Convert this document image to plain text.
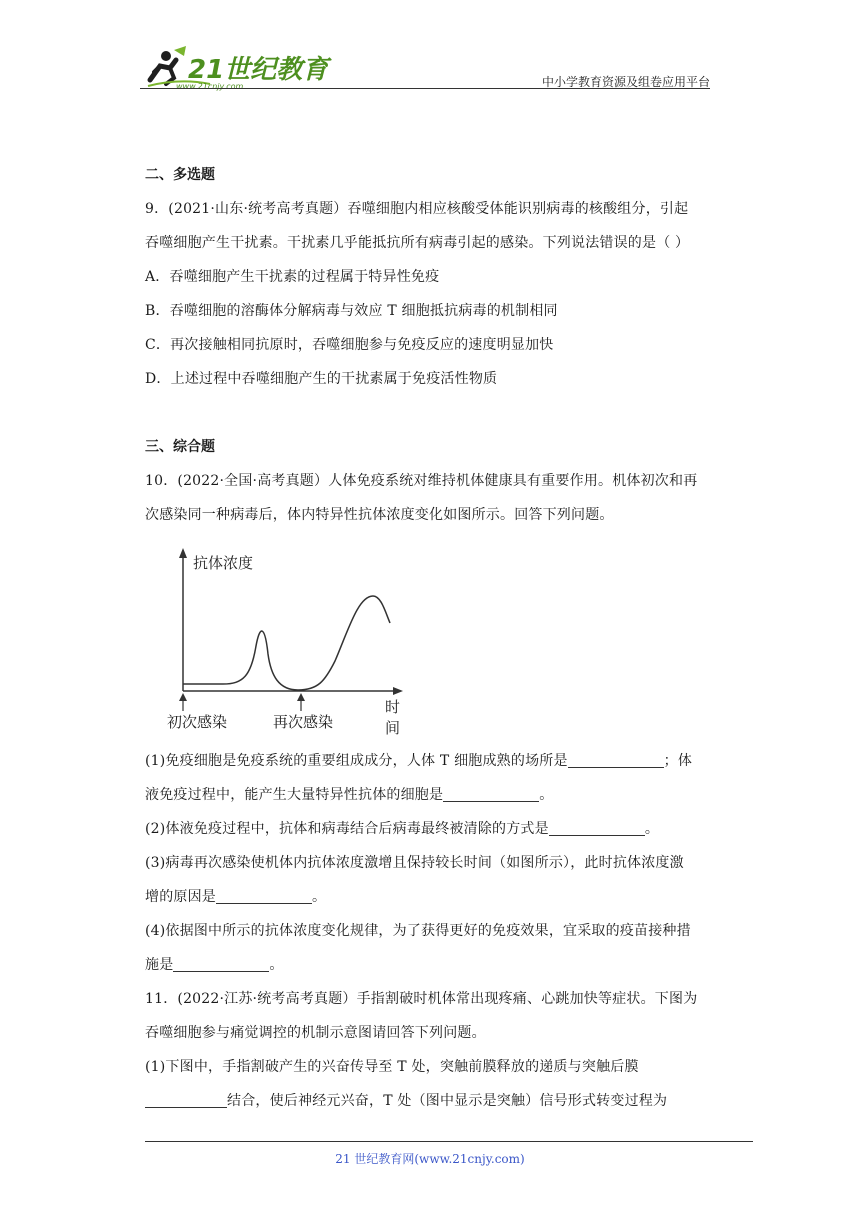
21世纪教育
www.21cnjy.com	中小学教育资源及组卷应用平台
二、多选题
9．(2021·山东·统考高考真题）吞噬细胞内相应核酸受体能识别病毒的核酸组分，引起
吞噬细胞产生干扰素。干扰素几乎能抵抗所有病毒引起的感染。下列说法错误的是（ ）
A．吞噬细胞产生干扰素的过程属于特异性免疫
B．吞噬细胞的溶酶体分解病毒与效应 T 细胞抵抗病毒的机制相同
C．再次接触相同抗原时，吞噬细胞参与免疫反应的速度明显加快
D．上述过程中吞噬细胞产生的干扰素属于免疫活性物质
三、综合题
10．(2022·全国·高考真题）人体免疫系统对维持机体健康具有重要作用。机体初次和再
次感染同一种病毒后，体内特异性抗体浓度变化如图所示。回答下列问题。
抗体浓度
时间
初次感染	再次感染
(1)免疫细胞是免疫系统的重要组成成分，人体 T 细胞成熟的场所是	；体
液免疫过程中，能产生大量特异性抗体的细胞是	。
(2)体液免疫过程中，抗体和病毒结合后病毒最终被清除的方式是	。
(3)病毒再次感染使机体内抗体浓度激增且保持较长时间（如图所示），此时抗体浓度激
增的原因是	。
(4)依据图中所示的抗体浓度变化规律，为了获得更好的免疫效果，宜采取的疫苗接种措
施是	。
11．(2022·江苏·统考高考真题）手指割破时机体常出现疼痛、心跳加快等症状。下图为
吞噬细胞参与痛觉调控的机制示意图请回答下列问题。
(1)下图中，手指割破产生的兴奋传导至 T 处，突触前膜释放的递质与突触后膜
结合，使后神经元兴奋，T 处（图中显示是突触）信号形式转变过程为
21 世纪教育网(www.21cnjy.com)
